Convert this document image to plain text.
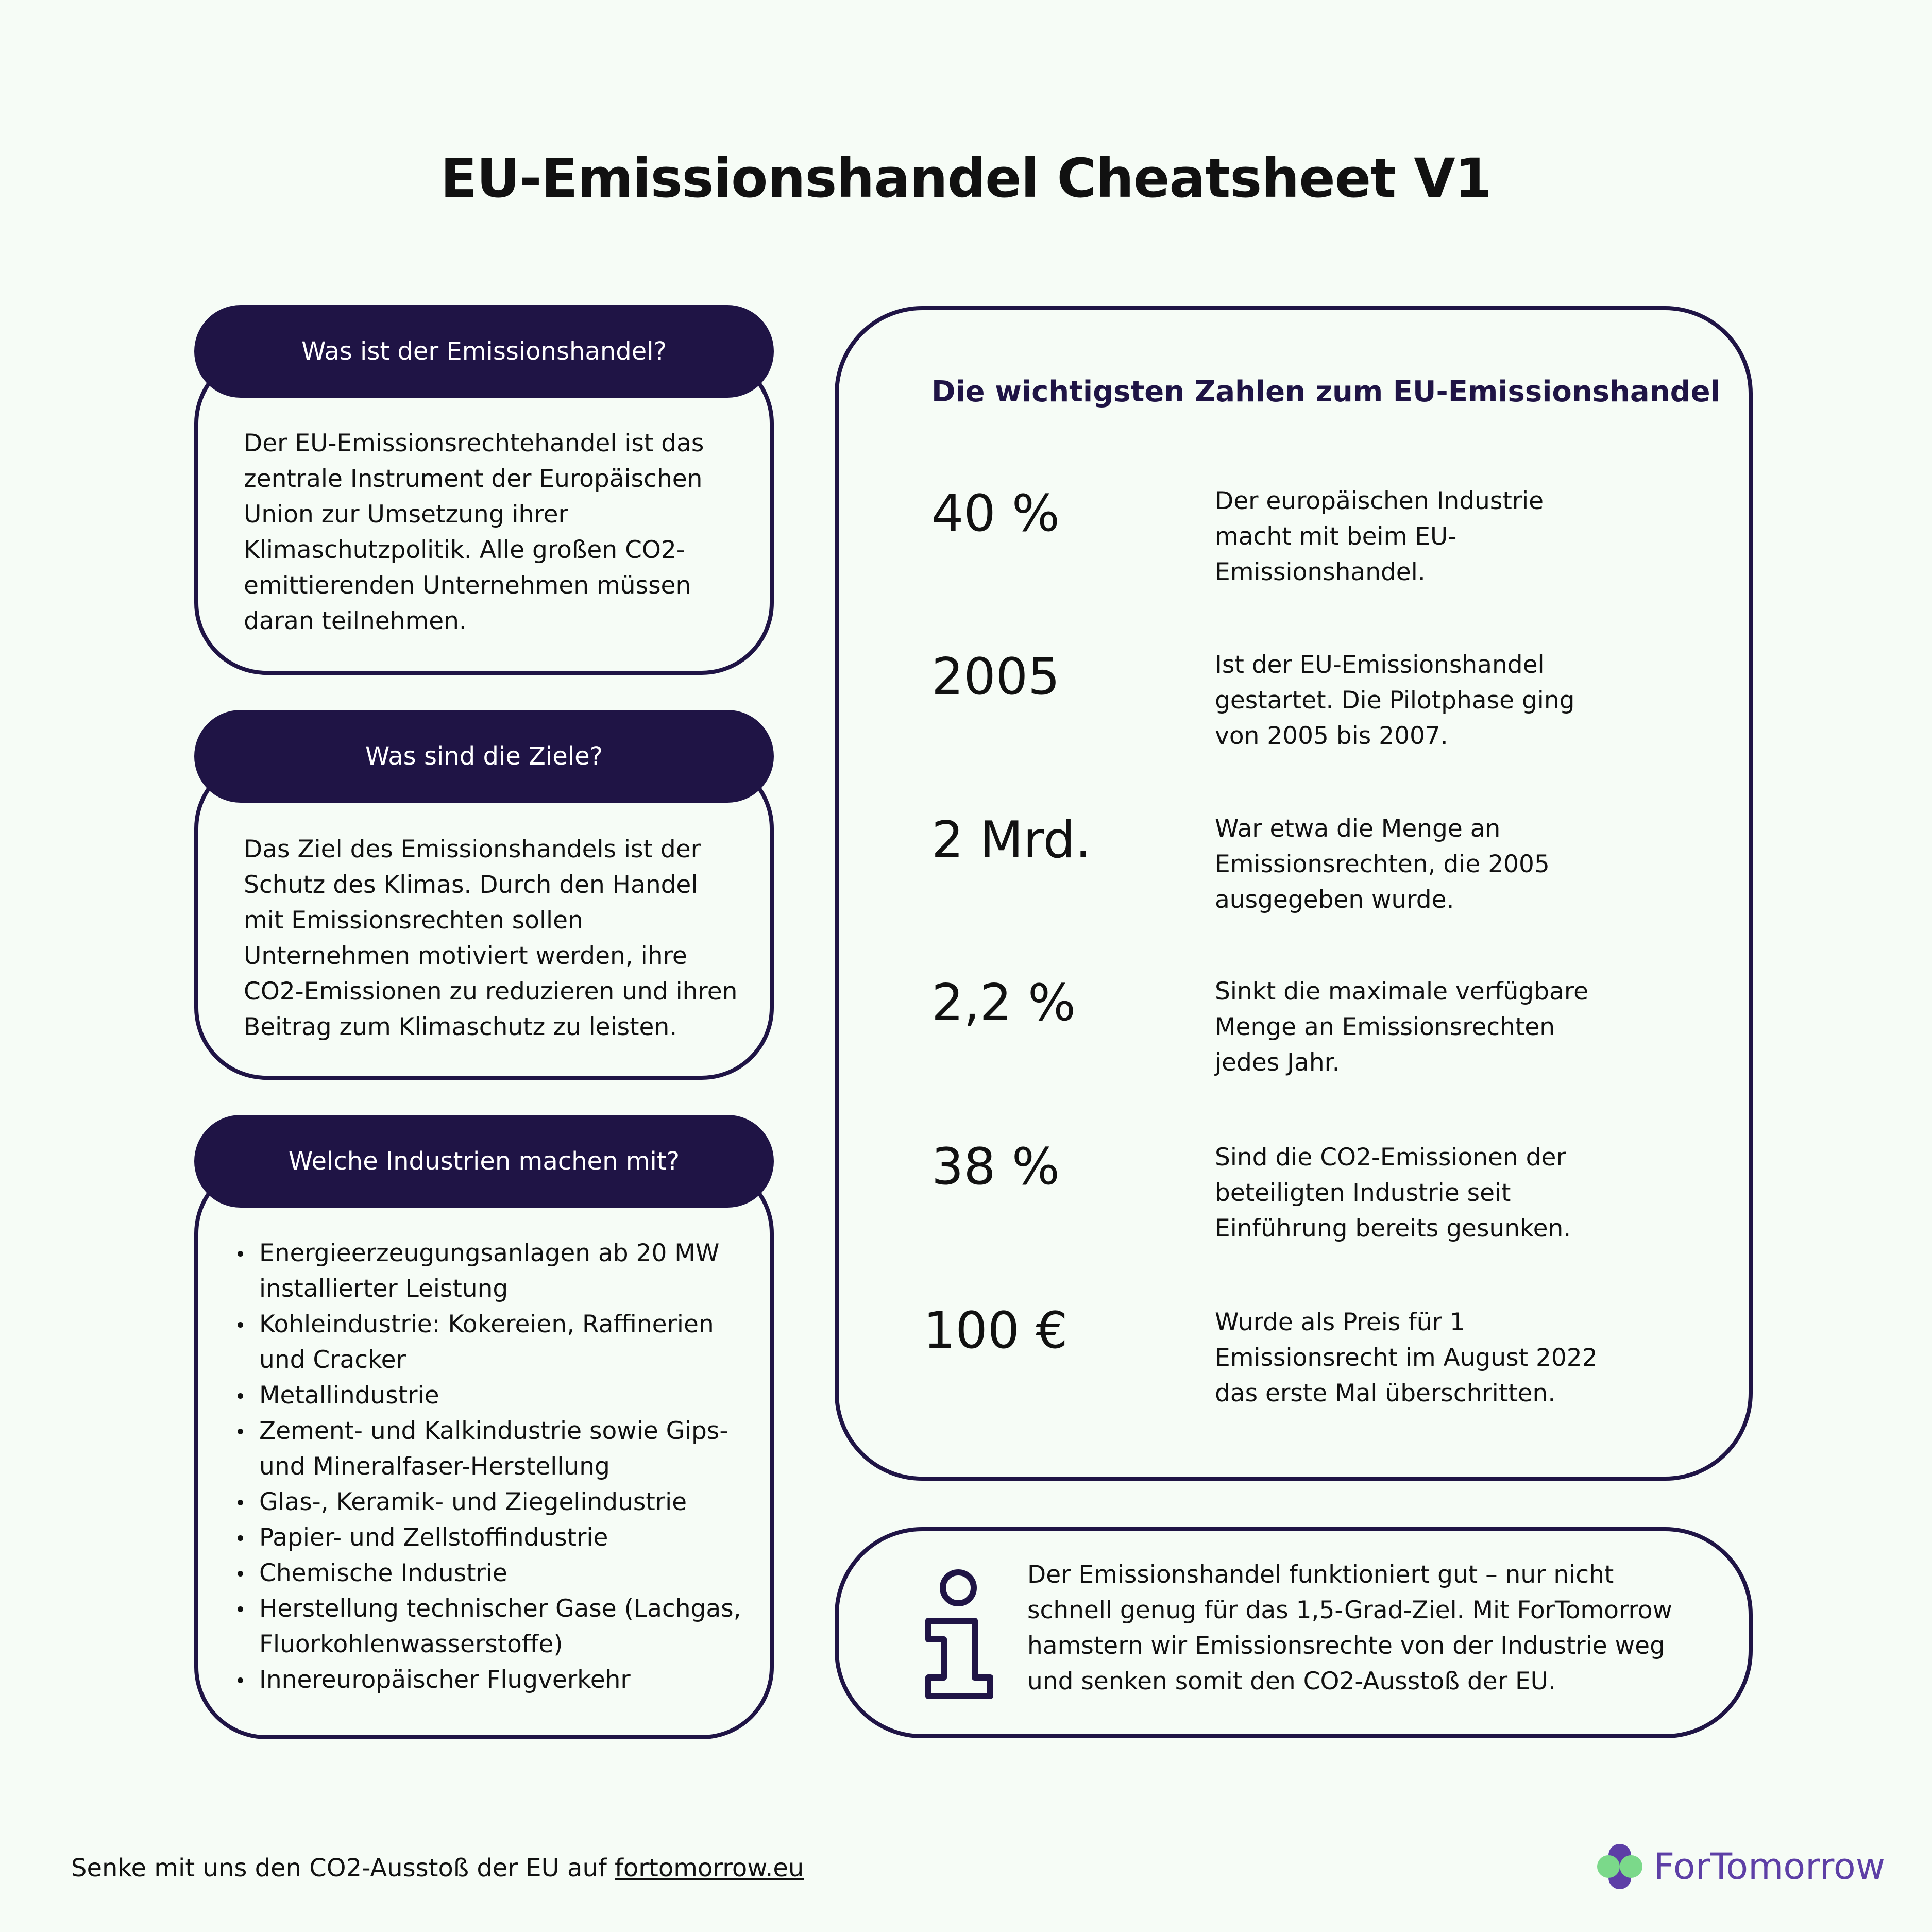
EU-Emissionshandel Cheatsheet V1
Was ist der Emissionshandel?
Der EU-Emissionsrechtehandel ist das
zentrale Instrument der Europäischen
Union zur Umsetzung ihrer
Klimaschutzpolitik. Alle großen CO2-
emittierenden Unternehmen müssen
daran teilnehmen.
Was sind die Ziele?
Das Ziel des Emissionshandels ist der
Schutz des Klimas. Durch den Handel
mit Emissionsrechten sollen
Unternehmen motiviert werden, ihre
CO2-Emissionen zu reduzieren und ihren
Beitrag zum Klimaschutz zu leisten.
Welche Industrien machen mit?
Energieerzeugungsanlagen ab 20 MW installierter Leistung
Kohleindustrie: Kokereien, Raffinerien und Cracker
Metallindustrie
Zement- und Kalkindustrie sowie Gips- und Mineralfaser-Herstellung
Glas-, Keramik- und Ziegelindustrie
Papier- und Zellstoffindustrie
Chemische Industrie
Herstellung technischer Gase (Lachgas, Fluorkohlenwasserstoffe)
Innereuropäischer Flugverkehr
Die wichtigsten Zahlen zum EU-Emissionshandel
40 %	Der europäischen Industrie
macht mit beim EU-
Emissionshandel.
2005	Ist der EU-Emissionshandel
gestartet. Die Pilotphase ging
von 2005 bis 2007.
2 Mrd.	War etwa die Menge an
Emissionsrechten, die 2005
ausgegeben wurde.
2,2 %	Sinkt die maximale verfügbare
Menge an Emissionsrechten
jedes Jahr.
38 %	Sind die CO2-Emissionen der
beteiligten Industrie seit
Einführung bereits gesunken.
100 €	Wurde als Preis für 1
Emissionsrecht im August 2022
das erste Mal überschritten.
Der Emissionshandel funktioniert gut – nur nicht
schnell genug für das 1,5-Grad-Ziel. Mit ForTomorrow
hamstern wir Emissionsrechte von der Industrie weg
und senken somit den CO2-Ausstoß der EU.
Senke mit uns den CO2-Ausstoß der EU auf fortomorrow.eu	ForTomorrow
